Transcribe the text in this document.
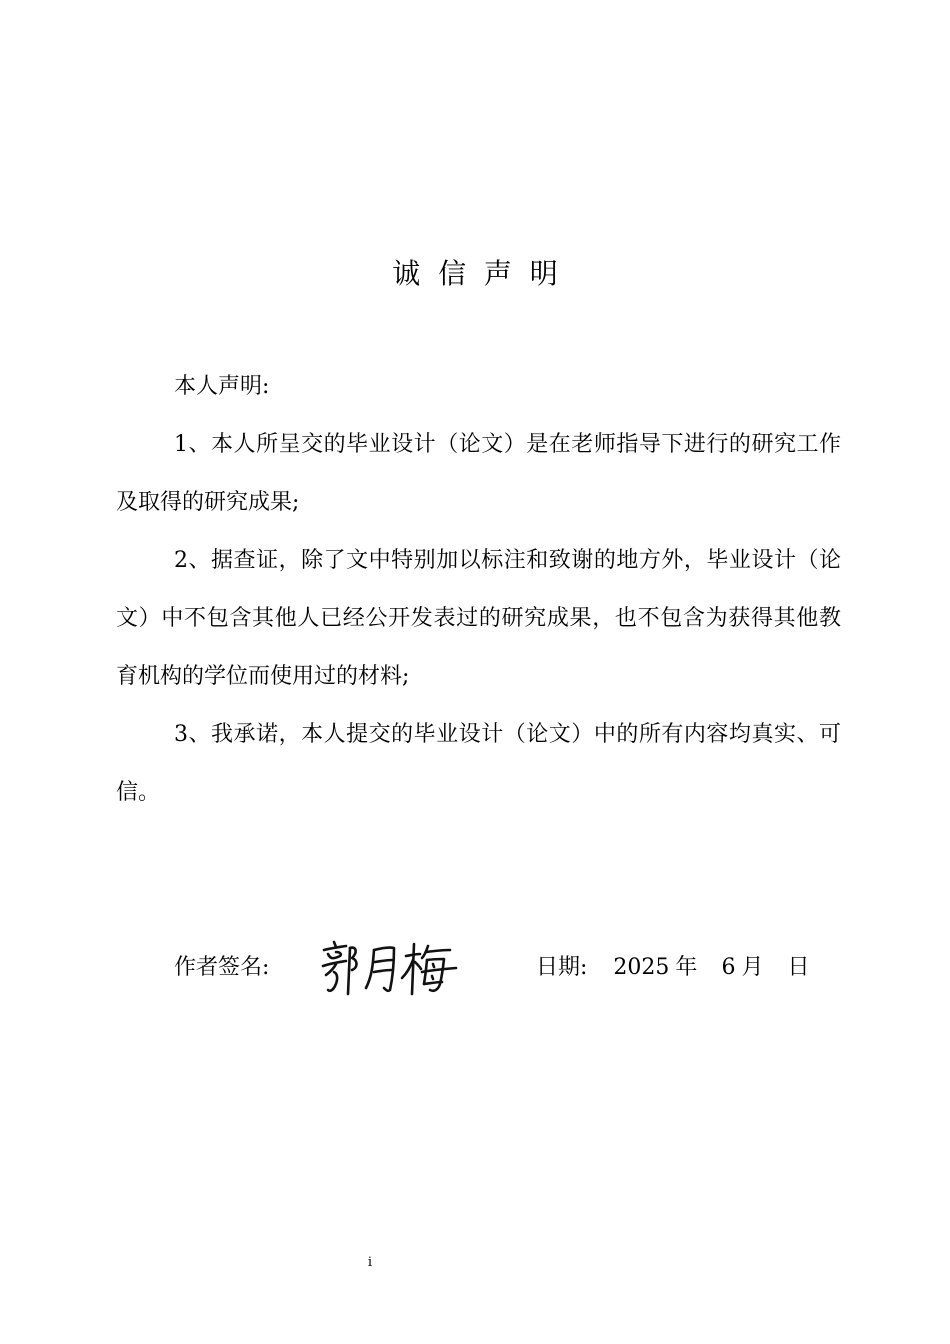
诚  信  声  明

本人声明:

1、本人所呈交的毕业设计（论文）是在老师指导下进行的研究工作及取得的研究成果;

2、据查证，除了文中特别加以标注和致谢的地方外，毕业设计（论文）中不包含其他人已经公开发表过的研究成果，也不包含为获得其他教育机构的学位而使用过的材料;

3、我承诺，本人提交的毕业设计（论文）中的所有内容均真实、可信。

作者签名:	日期: 2025 年 6 月 日
i
